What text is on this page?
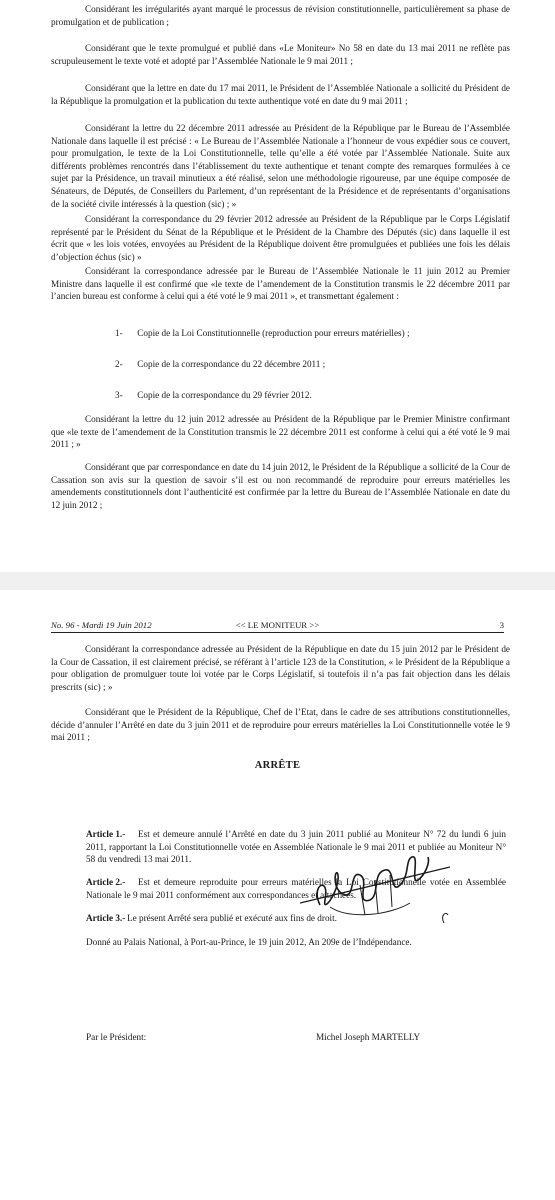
Considérant les irrégularités ayant marqué le processus de révision constitutionnelle, particulièrement sa phase de promulgation et de publication ;

Considérant que le texte promulgué et publié dans «Le Moniteur» No 58 en date du 13 mai 2011 ne reflète pas scrupuleusement le texte voté et adopté par l’Assemblée Nationale le 9 mai 2011 ;

Considérant que la lettre en date du 17 mai 2011, le Président de l’Assemblée Nationale a sollicité du Président de la République la promulgation et la publication du texte authentique voté en date du 9 mai 2011 ;

Considérant la lettre du 22 décembre 2011 adressée au Président de la République par le Bureau de l’Assemblée Nationale dans laquelle il est précisé : « Le Bureau de l’Assemblée Nationale a l’honneur de vous expédier sous ce couvert, pour promulgation, le texte de la Loi Constitutionnelle, telle qu’elle a été votée par l’Assemblée Nationale. Suite aux différents problèmes rencontrés dans l’établissement du texte authentique et tenant compte des remarques formulées à ce sujet par la Présidence, un travail minutieux a été réalisé, selon une méthodologie rigoureuse, par une équipe composée de Sénateurs, de Députés, de Conseillers du Parlement, d’un représentant de la Présidence et de représentants d’organisations de la société civile intéressés à la question (sic) ; »

Considérant la correspondance du 29 février 2012 adressée au Président de la République par le Corps Législatif représenté par le Président du Sénat de la République et le Président de la Chambre des Députés (sic) dans laquelle il est écrit que « les lois votées, envoyées au Président de la République doivent être promulguées et publiées une fois les délais d’objection échus (sic) »

Considérant la correspondance adressée par le Bureau de l’Assemblée Nationale le 11 juin 2012 au Premier Ministre dans laquelle il est confirmé que «le texte de l’amendement de la Constitution transmis le 22 décembre 2011 par l’ancien bureau est conforme à celui qui a été voté le 9 mai 2011 », et transmettant également :

1- Copie de la Loi Constitutionnelle (reproduction pour erreurs matérielles) ;

2- Copie de la correspondance du 22 décembre 2011 ;

3- Copie de la correspondance du 29 février 2012.

Considérant la lettre du 12 juin 2012 adressée au Président de la République par le Premier Ministre confirmant que «le texte de l’amendement de la Constitution transmis le 22 décembre 2011 est conforme à celui qui a été voté le 9 mai 2011 ; »

Considérant que par correspondance en date du 14 juin 2012, le Président de la République a sollicité de la Cour de Cassation son avis sur la question de savoir s’il est ou non recommandé de reproduire pour erreurs matérielles les amendements constitutionnels dont l’authenticité est confirmée par la lettre du Bureau de l’Assemblée Nationale en date du 12 juin 2012 ;

No. 96 - Mardi 19 Juin 2012	<< LE MONITEUR >>	3

Considérant la correspondance adressée au Président de la République en date du 15 juin 2012 par le Président de la Cour de Cassation, il est clairement précisé, se référant à l’article 123 de la Constitution, « le Président de la République a pour obligation de promulguer toute loi votée par le Corps Législatif, si toutefois il n’a pas fait objection dans les délais prescrits (sic) ; »

Considérant que le Président de la République, Chef de l’Etat, dans le cadre de ses attributions constitutionnelles, décide d’annuler l’Arrêté en date du 3 juin 2011 et de reproduire pour erreurs matérielles la Loi Constitutionnelle votée le 9 mai 2011 ;

ARRÊTE

Article 1.-	Est et demeure annulé l’Arrêté en date du 3 juin 2011 publié au Moniteur N° 72 du lundi 6 juin 2011, rapportant la Loi Constitutionnelle votée en Assemblée Nationale le 9 mai 2011 et publiée au Moniteur N° 58 du vendredi 13 mai 2011.
Article 2.-	Est et demeure reproduite pour erreurs matérielles la Loi Constitutionnelle votée en Assemblée Nationale le 9 mai 2011 conformément aux correspondances et attachées.
Article 3.- Le présent Arrêté sera publié et exécuté aux fins de droit.

Donné au Palais National, à Port-au-Prince, le 19 juin 2012, An 209e de l’Indépendance.

Par le Président:	Michel Joseph MARTELLY
